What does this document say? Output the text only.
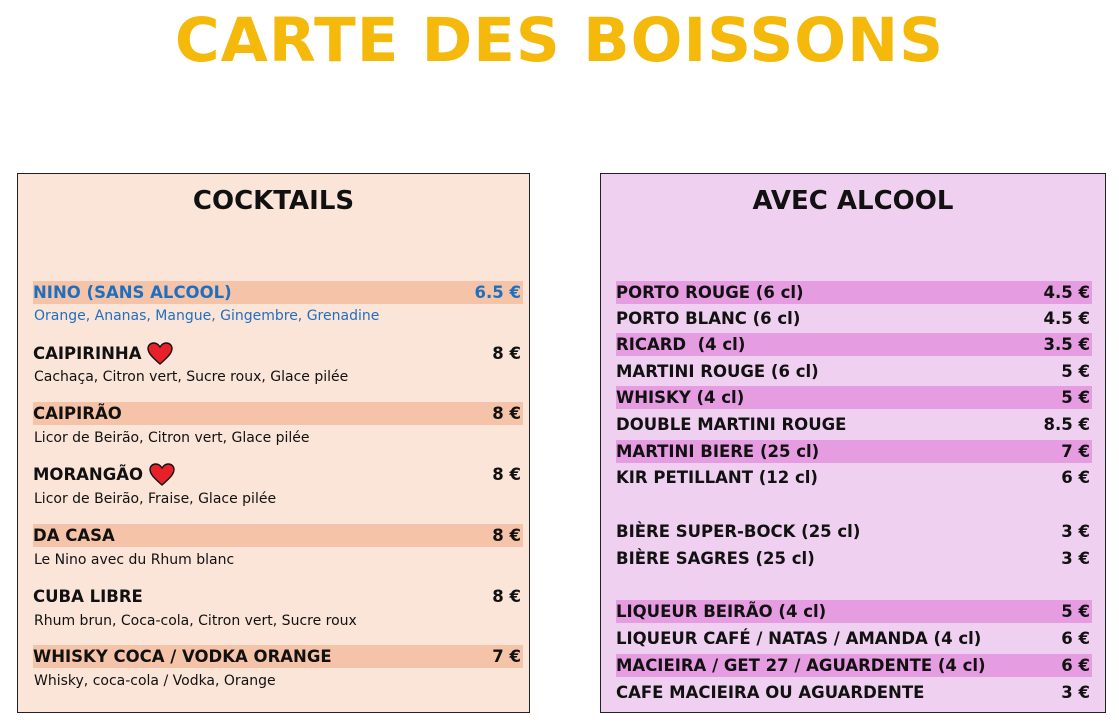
CARTE DES BOISSONS
COCKTAILS
NINO (SANS ALCOOL)	6.5 €
Orange, Ananas, Mangue, Gingembre, Grenadine
CAIPIRINHA	8 €
Cachaça, Citron vert, Sucre roux, Glace pilée
CAIPIRÃO	8 €
Licor de Beirão, Citron vert, Glace pilée
MORANGÃO	8 €
Licor de Beirão, Fraise, Glace pilée
DA CASA	8 €
Le Nino avec du Rhum blanc
CUBA LIBRE	8 €
Rhum brun, Coca-cola, Citron vert, Sucre roux
WHISKY COCA / VODKA ORANGE	7 €
Whisky, coca-cola / Vodka, Orange
AVEC ALCOOL
PORTO ROUGE (6 cl)	4.5 €
PORTO BLANC (6 cl)	4.5 €
RICARD  (4 cl)	3.5 €
MARTINI ROUGE (6 cl)	5 €
WHISKY (4 cl)	5 €
DOUBLE MARTINI ROUGE	8.5 €
MARTINI BIERE (25 cl)	7 €
KIR PETILLANT (12 cl)	6 €
BIÈRE SUPER-BOCK (25 cl)	3 €
BIÈRE SAGRES (25 cl)	3 €
LIQUEUR BEIRÃO (4 cl)	5 €
LIQUEUR CAFÉ / NATAS / AMANDA (4 cl)	6 €
MACIEIRA / GET 27 / AGUARDENTE (4 cl)	6 €
CAFE MACIEIRA OU AGUARDENTE	3 €
